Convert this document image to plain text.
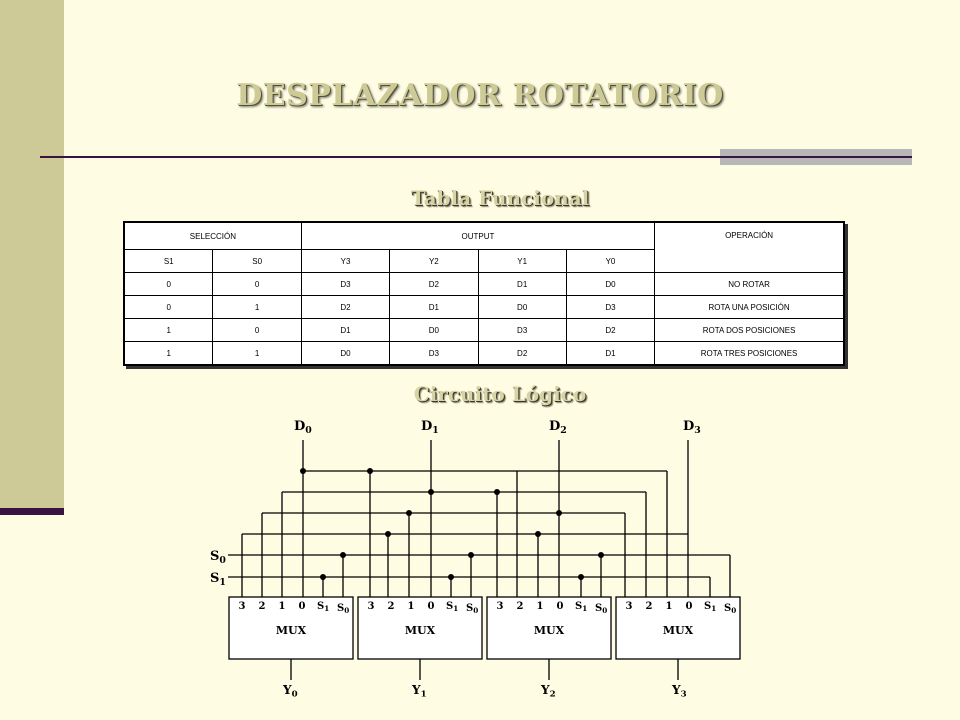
DESPLAZADOR ROTATORIO
Tabla Funcional
SELECCIÓN		OUTPUT				OPERACIÓN
S1	S0	Y3	Y2	Y1	Y0	
0	0	D3	D2	D1	D0	NO ROTAR
0	1	D2	D1	D0	D3	ROTA UNA POSICIÓN
1	0	D1	D0	D3	D2	ROTA DOS POSICIONES
1	1	D0	D3	D2	D1	ROTA TRES POSICIONES
Circuito Lógico
$D_0$	$D_1$	$D_2$	$D_3$
$S_0$
$S_1$
3 2 1 0 $S_1$ $S_0$
MUX
3 2 1 0 $S_1$ $S_0$
MUX
3 2 1 0 $S_1$ $S_0$
MUX
3 2 1 0 $S_1$ $S_0$
MUX
$Y_0$	$Y_1$	$Y_2$	$Y_3$
